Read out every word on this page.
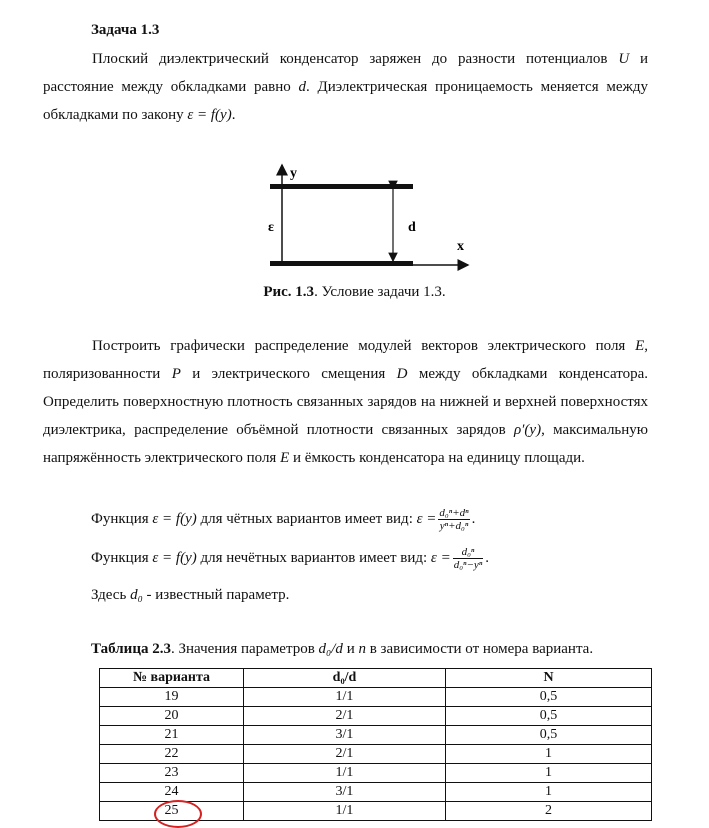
Задача 1.3
Плоский диэлектрический конденсатор заряжен до разности потенциалов U и расстояние между обкладками равно d. Диэлектрическая проницаемость меняется между обкладками по закону ε = f(y).
y
x
ε	d
Рис. 1.3. Условие задачи 1.3.
Построить графически распределение модулей векторов электрического поля E, поляризованности P и электрического смещения D между обкладками конденсатора. Определить поверхностную плотность связанных зарядов на нижней и верхней поверхностях диэлектрика, распределение объёмной плотности связанных зарядов ρ′(y), максимальную напряжённость электрического поля E и ёмкость конденсатора на единицу площади.
Функция ε = f(y) для чётных вариантов имеет вид: $\varepsilon = \frac{\text{d₀ⁿ+dⁿ}}{\text{yⁿ+d₀ⁿ}}$ .
Функция ε = f(y) для нечётных вариантов имеет вид: $\varepsilon = \frac{\text{d₀ⁿ}}{\text{d₀ⁿ−yⁿ}}$ .
Здесь d₀ - известный параметр.
Таблица 2.3. Значения параметров d₀/d и n в зависимости от номера варианта.
№ варианта	d₀/d	N
19	1/1	0,5
20	2/1	0,5
21	3/1	0,5
22	2/1	1
23	1/1	1
24	3/1	1
25	1/1	2
